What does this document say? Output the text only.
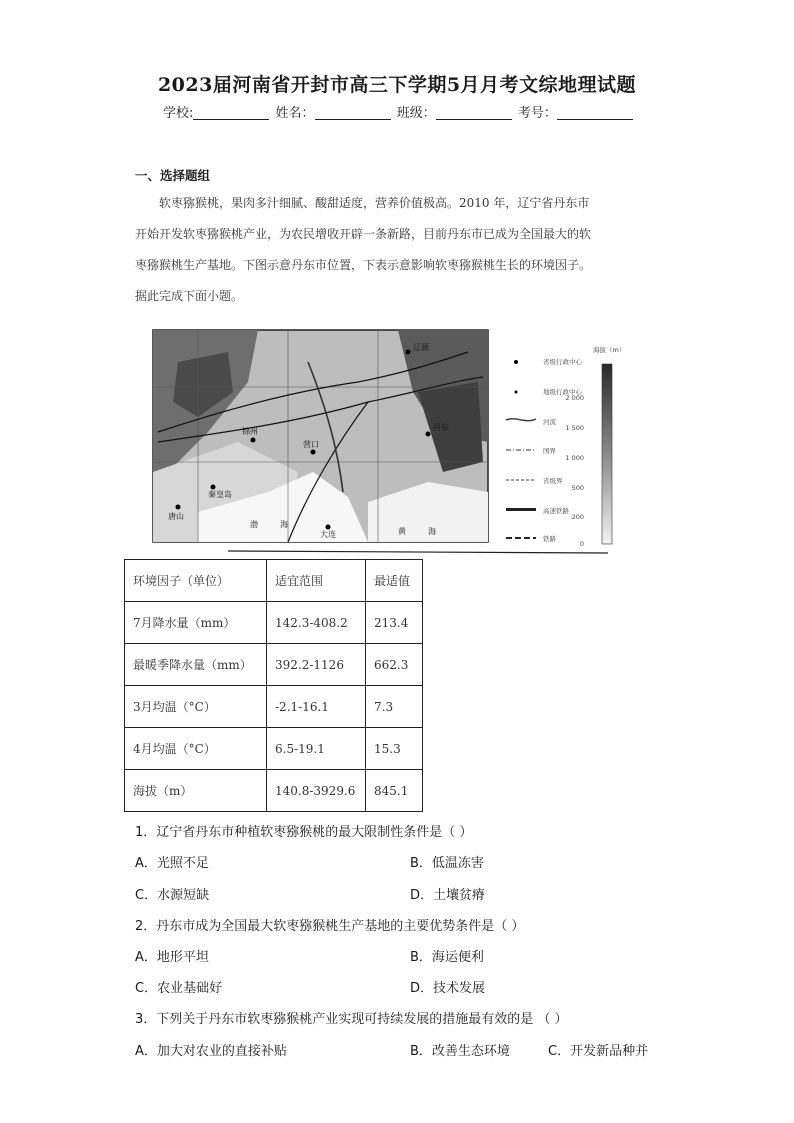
2023届河南省开封市高三下学期5月月考文综地理试题
学校:	姓名：	班级：	考号：
一、选择题组
软枣猕猴桃，果肉多汁细腻、酸甜适度，营养价值极高。2010 年，辽宁省丹东市
开始开发软枣猕猴桃产业，为农民增收开辟一条新路，目前丹东市已成为全国最大的软
枣猕猴桃生产基地。下图示意丹东市位置，下表示意影响软枣猕猴桃生长的环境因子。
据此完成下面小题。
辽源
锦州
营口
丹东
秦皇岛
唐山
大连
渤	海
黄	海
省级行政中心
地级行政中心
河流
国界
省级界
高速铁路
铁路
海拔（m）
2 000
1 500
1 000
500
200
0
环境因子（单位）	适宜范围	最适值
7月降水量（mm）	142.3-408.2	213.4
最暖季降水量（mm）	392.2-1126	662.3
3月均温（°C）	-2.1-16.1	7.3
4月均温（°C）	6.5-19.1	15.3
海拔（m）	140.8-3929.6	845.1
1．辽宁省丹东市种植软枣猕猴桃的最大限制性条件是（ ）
A．光照不足	B．低温冻害
C．水源短缺	D．土壤贫瘠
2．丹东市成为全国最大软枣猕猴桃生产基地的主要优势条件是（ ）
A．地形平坦	B．海运便利
C．农业基础好	D．技术发展
3．下列关于丹东市软枣猕猴桃产业实现可持续发展的措施最有效的是 （ ）
A．加大对农业的直接补贴	B．改善生态环境	C．开发新品种并
